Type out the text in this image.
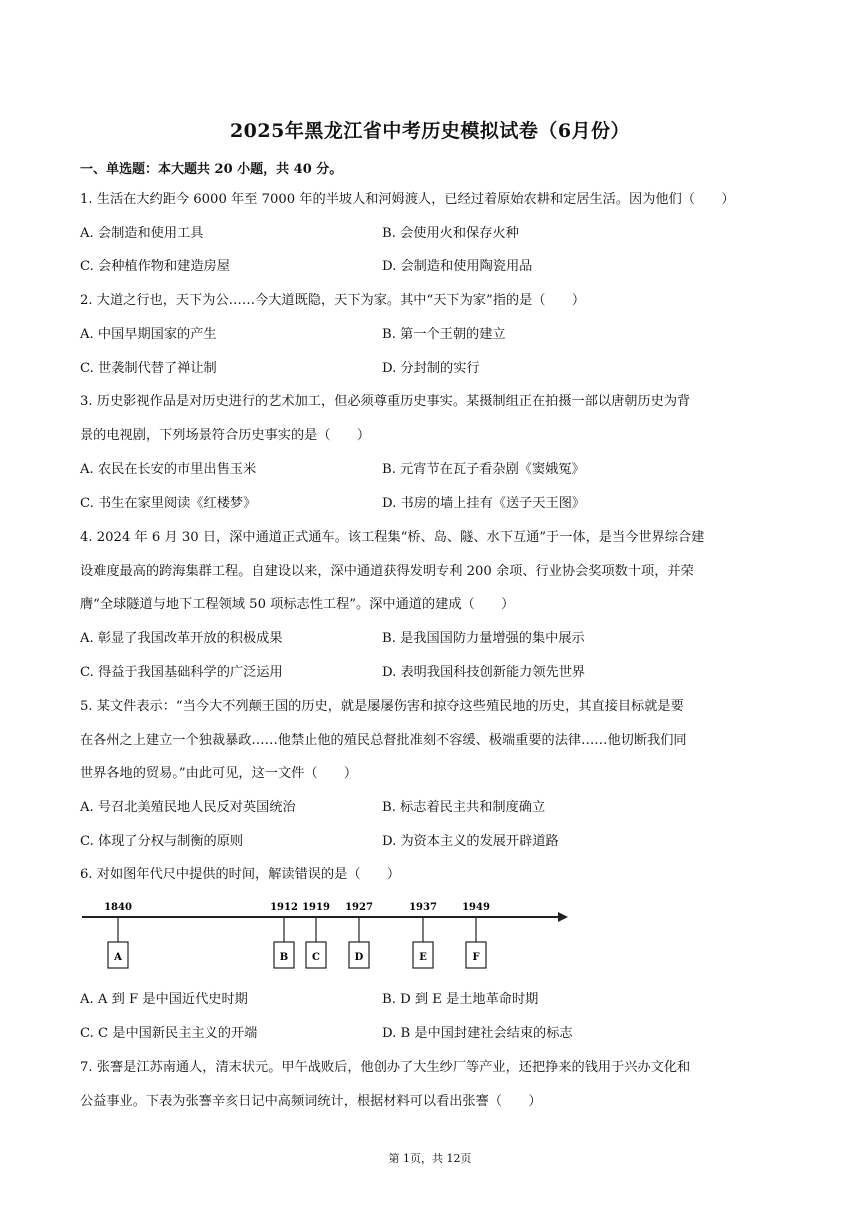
2025年黑龙江省中考历史模拟试卷（6月份）
一、单选题：本大题共 20 小题，共 40 分。
1. 生活在大约距今 6000 年至 7000 年的半坡人和河姆渡人，已经过着原始农耕和定居生活。因为他们（　　）
A. 会制造和使用工具	B. 会使用火和保存火种
C. 会种植作物和建造房屋	D. 会制造和使用陶瓷用品
2. 大道之行也，天下为公……今大道既隐，天下为家。其中“天下为家”指的是（　　）
A. 中国早期国家的产生	B. 第一个王朝的建立
C. 世袭制代替了禅让制	D. 分封制的实行
3. 历史影视作品是对历史进行的艺术加工，但必须尊重历史事实。某摄制组正在拍摄一部以唐朝历史为背
景的电视剧，下列场景符合历史事实的是（　　）
A. 农民在长安的市里出售玉米	B. 元宵节在瓦子看杂剧《窦娥冤》
C. 书生在家里阅读《红楼梦》	D. 书房的墙上挂有《送子天王图》
4. 2024 年 6 月 30 日，深中通道正式通车。该工程集“桥、岛、隧、水下互通”于一体，是当今世界综合建
设难度最高的跨海集群工程。自建设以来，深中通道获得发明专利 200 余项、行业协会奖项数十项，并荣
膺“全球隧道与地下工程领域 50 项标志性工程”。深中通道的建成（　　）
A. 彰显了我国改革开放的积极成果	B. 是我国国防力量增强的集中展示
C. 得益于我国基础科学的广泛运用	D. 表明我国科技创新能力领先世界
5. 某文件表示：“当今大不列颠王国的历史，就是屡屡伤害和掠夺这些殖民地的历史，其直接目标就是要
在各州之上建立一个独裁暴政……他禁止他的殖民总督批准刻不容缓、极端重要的法律……他切断我们同
世界各地的贸易。”由此可见，这一文件（　　）
A. 号召北美殖民地人民反对英国统治	B. 标志着民主共和制度确立
C. 体现了分权与制衡的原则	D. 为资本主义的发展开辟道路
6. 对如图年代尺中提供的时间，解读错误的是（　　）
1840
A
1912
B
1919
C
1927
D
1937
E
1949
F
A. A 到 F 是中国近代史时期	B. D 到 E 是土地革命时期
C. C 是中国新民主主义的开端	D. B 是中国封建社会结束的标志
7. 张謇是江苏南通人，清末状元。甲午战败后，他创办了大生纱厂等产业，还把挣来的钱用于兴办文化和
公益事业。下表为张謇辛亥日记中高频词统计，根据材料可以看出张謇（　　）
第 1页，共 12页
